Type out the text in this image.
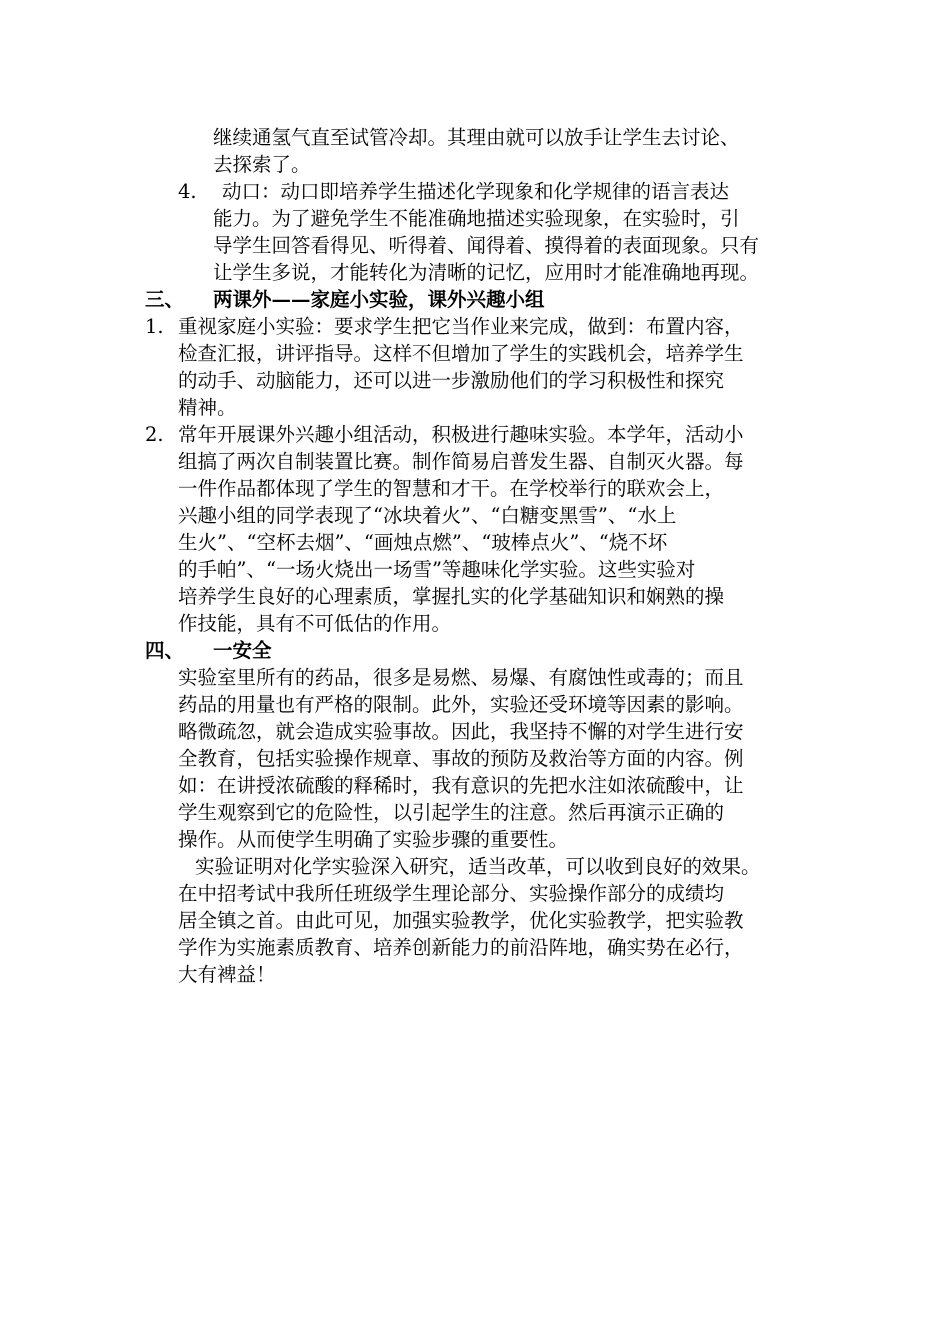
继续通氢气直至试管冷却。其理由就可以放手让学生去讨论、
去探索了。
4. 动口：动口即培养学生描述化学现象和化学规律的语言表达
能力。为了避免学生不能准确地描述实验现象，在实验时，引
导学生回答看得见、听得着、闻得着、摸得着的表面现象。只有
让学生多说，才能转化为清晰的记忆，应用时才能准确地再现。
三、 两课外——家庭小实验，课外兴趣小组
1. 重视家庭小实验：要求学生把它当作业来完成，做到：布置内容，
检查汇报，讲评指导。这样不但增加了学生的实践机会，培养学生
的动手、动脑能力，还可以进一步激励他们的学习积极性和探究
精神。
2. 常年开展课外兴趣小组活动，积极进行趣味实验。本学年，活动小
组搞了两次自制装置比赛。制作简易启普发生器、自制灭火器。每
一件作品都体现了学生的智慧和才干。在学校举行的联欢会上，
兴趣小组的同学表现了“冰块着火”、“白糖变黑雪”、“水上
生火”、“空杯去烟”、“画烛点燃”、“玻棒点火”、“烧不坏
的手帕”、“一场火烧出一场雪”等趣味化学实验。这些实验对
培养学生良好的心理素质，掌握扎实的化学基础知识和娴熟的操
作技能，具有不可低估的作用。
四、 一安全
实验室里所有的药品，很多是易燃、易爆、有腐蚀性或毒的；而且
药品的用量也有严格的限制。此外，实验还受环境等因素的影响。
略微疏忽，就会造成实验事故。因此，我坚持不懈的对学生进行安
全教育，包括实验操作规章、事故的预防及救治等方面的内容。例
如：在讲授浓硫酸的释稀时，我有意识的先把水注如浓硫酸中，让
学生观察到它的危险性，以引起学生的注意。然后再演示正确的
操作。从而使学生明确了实验步骤的重要性。
实验证明对化学实验深入研究，适当改革，可以收到良好的效果。
在中招考试中我所任班级学生理论部分、实验操作部分的成绩均
居全镇之首。由此可见，加强实验教学，优化实验教学，把实验教
学作为实施素质教育、培养创新能力的前沿阵地，确实势在必行，
大有裨益！
